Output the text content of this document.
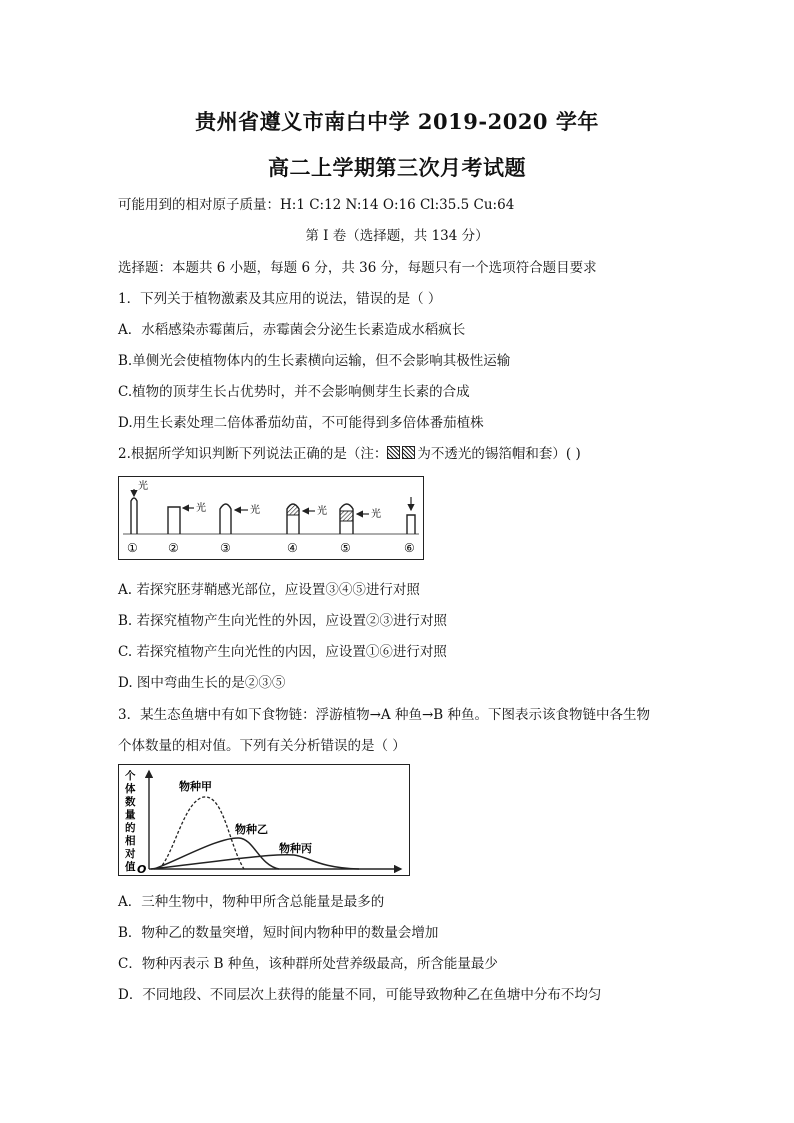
贵州省遵义市南白中学 2019-2020 学年
高二上学期第三次月考试题
可能用到的相对原子质量：H:1 C:12 N:14 O:16 Cl:35.5 Cu:64
第 I 卷（选择题，共 134 分）
选择题：本题共 6 小题，每题 6 分，共 36 分，每题只有一个选项符合题目要求
1．下列关于植物激素及其应用的说法，错误的是（ ）
A．水稻感染赤霉菌后，赤霉菌会分泌生长素造成水稻疯长
B.单侧光会使植物体内的生长素横向运输，但不会影响其极性运输
C.植物的顶芽生长占优势时，并不会影响侧芽生长素的合成
D.用生长素处理二倍体番茄幼苗，不可能得到多倍体番茄植株
2.根据所学知识判断下列说法正确的是（注： 为不透光的锡箔帽和套）( )
光
光	光	光	光
①	②	③	④	⑤	⑥
A. 若探究胚芽鞘感光部位，应设置③④⑤进行对照
B. 若探究植物产生向光性的外因，应设置②③进行对照
C. 若探究植物产生向光性的内因，应设置①⑥进行对照
D. 图中弯曲生长的是②③⑤
3．某生态鱼塘中有如下食物链：浮游植物→A 种鱼→B 种鱼。下图表示该食物链中各生物
个体数量的相对值。下列有关分析错误的是（ ）
个
体
数
量
的
相
对
值 O
物种甲
物种乙
物种丙
A．三种生物中，物种甲所含总能量是最多的
B．物种乙的数量突增，短时间内物种甲的数量会增加
C．物种丙表示 B 种鱼，该种群所处营养级最高，所含能量最少
D．不同地段、不同层次上获得的能量不同，可能导致物种乙在鱼塘中分布不均匀
